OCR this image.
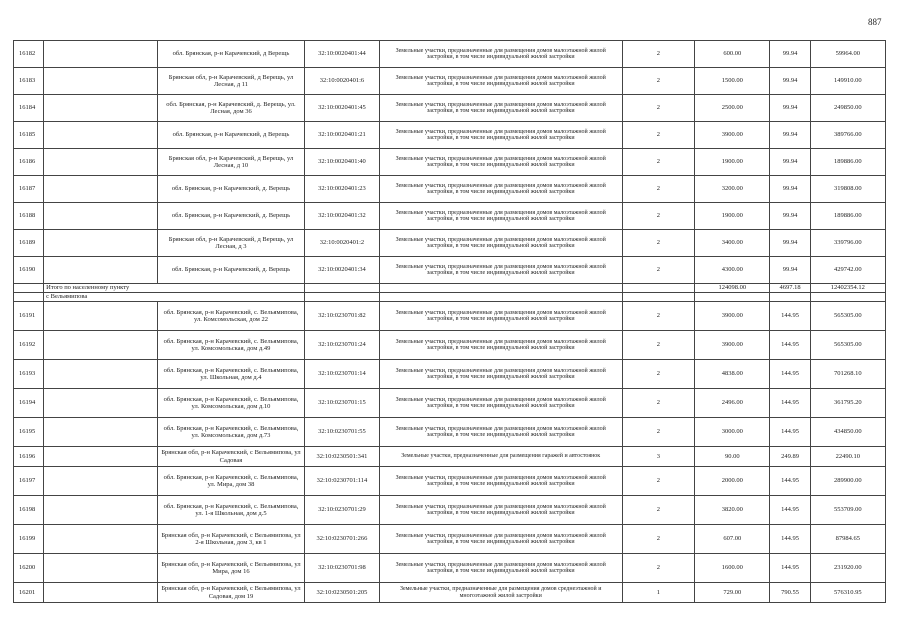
887
16182		обл. Брянская, р-н Карачевский, д Верещь	32:10:0020401:44	Земельные участки, предназначенные для размещения домов малоэтажной жилой застройки, в том числе индивидуальной жилой застройки	2	600.00	99.94	59964.00
16183		Брянская обл, р-н Карачевский, д Верещь, ул Лесная, д 11	32:10:0020401:6	Земельные участки, предназначенные для размещения домов малоэтажной жилой застройки, в том числе индивидуальной жилой застройки	2	1500.00	99.94	149910.00
16184		обл. Брянская, р-н Карачевский, д. Верещь, ул. Лесная, дом 36	32:10:0020401:45	Земельные участки, предназначенные для размещения домов малоэтажной жилой застройки, в том числе индивидуальной жилой застройки	2	2500.00	99.94	249850.00
16185		обл. Брянская, р-н Карачевский, д Верещь	32:10:0020401:21	Земельные участки, предназначенные для размещения домов малоэтажной жилой застройки, в том числе индивидуальной жилой застройки	2	3900.00	99.94	389766.00
16186		Брянская обл, р-н Карачевский, д Верещь, ул Лесная, д 10	32:10:0020401:40	Земельные участки, предназначенные для размещения домов малоэтажной жилой застройки, в том числе индивидуальной жилой застройки	2	1900.00	99.94	189886.00
16187		обл. Брянская, р-н Карачевский, д. Верещь	32:10:0020401:23	Земельные участки, предназначенные для размещения домов малоэтажной жилой застройки, в том числе индивидуальной жилой застройки	2	3200.00	99.94	319808.00
16188		обл. Брянская, р-н Карачевский, д. Верещь	32:10:0020401:32	Земельные участки, предназначенные для размещения домов малоэтажной жилой застройки, в том числе индивидуальной жилой застройки	2	1900.00	99.94	189886.00
16189		Брянская обл, р-н Карачевский, д Верещь, ул Лесная, д 3	32:10:0020401:2	Земельные участки, предназначенные для размещения домов малоэтажной жилой застройки, в том числе индивидуальной жилой застройки	2	3400.00	99.94	339796.00
16190		обл. Брянская, р-н Карачевский, д. Верещь	32:10:0020401:34	Земельные участки, предназначенные для размещения домов малоэтажной жилой застройки, в том числе индивидуальной жилой застройки	2	4300.00	99.94	429742.00
	Итого по населенному пункту					124098.00	4697.18	12402354.12
	с Вельямипова							
16191		обл. Брянская, р-н Карачевский, с. Вельямипова, ул. Комсомольская, дом 22	32:10:0230701:82	Земельные участки, предназначенные для размещения домов малоэтажной жилой застройки, в том числе индивидуальной жилой застройки	2	3900.00	144.95	565305.00
16192		обл. Брянская, р-н Карачевский, с. Вельямипова, ул. Комсомольская, дом д.49	32:10:0230701:24	Земельные участки, предназначенные для размещения домов малоэтажной жилой застройки, в том числе индивидуальной жилой застройки	2	3900.00	144.95	565305.00
16193		обл. Брянская, р-н Карачевский, с. Вельямипова, ул. Школьная, дом д.4	32:10:0230701:14	Земельные участки, предназначенные для размещения домов малоэтажной жилой застройки, в том числе индивидуальной жилой застройки	2	4838.00	144.95	701268.10
16194		обл. Брянская, р-н Карачевский, с. Вельямипова, ул. Комсомольская, дом д.10	32:10:0230701:15	Земельные участки, предназначенные для размещения домов малоэтажной жилой застройки, в том числе индивидуальной жилой застройки	2	2496.00	144.95	361795.20
16195		обл. Брянская, р-н Карачевский, с. Вельямипова, ул. Комсомольская, дом д.73	32:10:0230701:55	Земельные участки, предназначенные для размещения домов малоэтажной жилой застройки, в том числе индивидуальной жилой застройки	2	3000.00	144.95	434850.00
16196		Брянская обл, р-н Карачевский, с Вельямипова, ул Садовая	32:10:0230501:341	Земельные участки, предназначенные для размещения гаражей и автостоянок	3	90.00	249.89	22490.10
16197		обл. Брянская, р-н Карачевский, с. Вельямипова, ул. Мира, дом 38	32:10:0230701:114	Земельные участки, предназначенные для размещения домов малоэтажной жилой застройки, в том числе индивидуальной жилой застройки	2	2000.00	144.95	289900.00
16198		обл. Брянская, р-н Карачевский, с. Вельямипова, ул. 1-я Школьная, дом д.5	32:10:0230701:29	Земельные участки, предназначенные для размещения домов малоэтажной жилой застройки, в том числе индивидуальной жилой застройки	2	3820.00	144.95	553709.00
16199		Брянская обл, р-н Карачевский, с Вельямипова, ул 2-я Школьная, дом 3, кв 1	32:10:0230701:266	Земельные участки, предназначенные для размещения домов малоэтажной жилой застройки, в том числе индивидуальной жилой застройки	2	607.00	144.95	87984.65
16200		Брянская обл, р-н Карачевский, с Вельямипова, ул Мира, дом 16	32:10:0230701:98	Земельные участки, предназначенные для размещения домов малоэтажной жилой застройки, в том числе индивидуальной жилой застройки	2	1600.00	144.95	231920.00
16201		Брянская обл, р-н Карачевский, с Вельямипова, ул Садовая, дом 19	32:10:0230501:205	Земельные участки, предназначенные для размещения домов среднеэтажной и многоэтажной жилой застройки	1	729.00	790.55	576310.95
